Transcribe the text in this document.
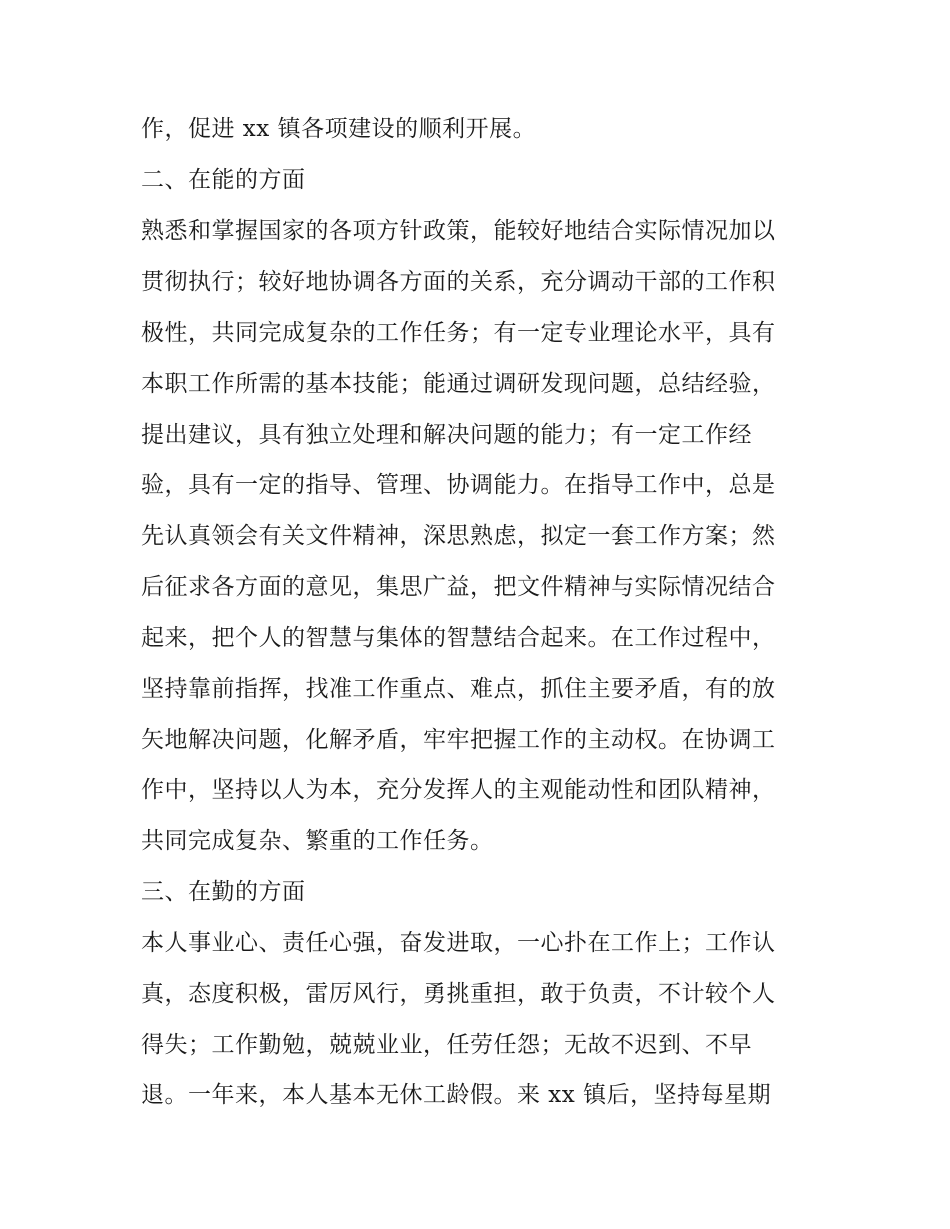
作，促进 xx 镇各项建设的顺利开展。
二、在能的方面
熟悉和掌握国家的各项方针政策，能较好地结合实际情况加以
贯彻执行；较好地协调各方面的关系，充分调动干部的工作积
极性，共同完成复杂的工作任务；有一定专业理论水平，具有
本职工作所需的基本技能；能通过调研发现问题，总结经验，
提出建议，具有独立处理和解决问题的能力；有一定工作经
验，具有一定的指导、管理、协调能力。在指导工作中，总是
先认真领会有关文件精神，深思熟虑，拟定一套工作方案；然
后征求各方面的意见，集思广益，把文件精神与实际情况结合
起来，把个人的智慧与集体的智慧结合起来。在工作过程中，
坚持靠前指挥，找准工作重点、难点，抓住主要矛盾，有的放
矢地解决问题，化解矛盾，牢牢把握工作的主动权。在协调工
作中，坚持以人为本，充分发挥人的主观能动性和团队精神，
共同完成复杂、繁重的工作任务。
三、在勤的方面
本人事业心、责任心强，奋发进取，一心扑在工作上；工作认
真，态度积极，雷厉风行，勇挑重担，敢于负责，不计较个人
得失；工作勤勉，兢兢业业，任劳任怨；无故不迟到、不早
退。一年来，本人基本无休工龄假。来 xx 镇后，坚持每星期
